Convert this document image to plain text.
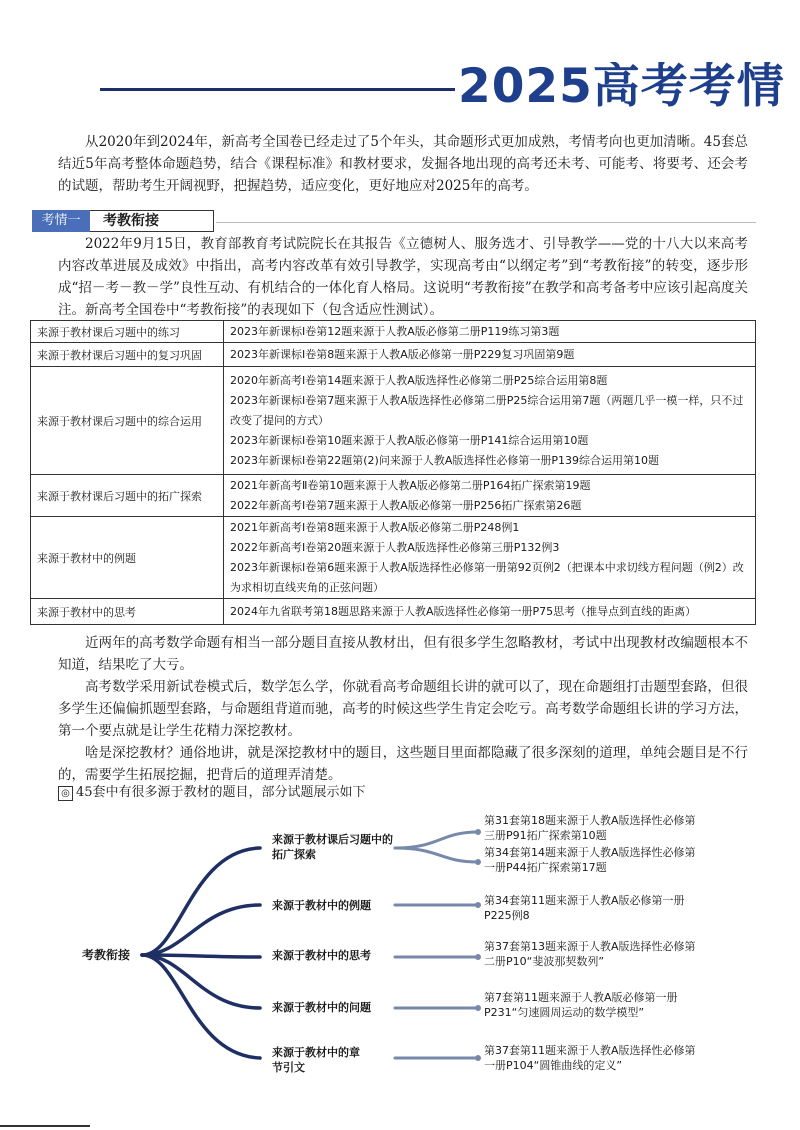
2025高考考情

从2020年到2024年，新高考全国卷已经走过了5个年头，其命题形式更加成熟，考情考向也更加清晰。45套总结近5年高考整体命题趋势，结合《课程标准》和教材要求，发掘各地出现的高考还未考、可能考、将要考、还会考的试题，帮助考生开阔视野，把握趋势，适应变化，更好地应对2025年的高考。

考情一	考教衔接

2022年9月15日，教育部教育考试院院长在其报告《立德树人、服务选才、引导教学——党的十八大以来高考内容改革进展及成效》中指出，高考内容改革有效引导教学，实现高考由“以纲定考”到“考教衔接”的转变，逐步形成“招－考－教－学”良性互动、有机结合的一体化育人格局。这说明“考教衔接”在教学和高考备考中应该引起高度关注。 新高考全国卷中“考教衔接”的表现如下（包含适应性测试）。

来源于教材课后习题中的练习	2023年新课标Ⅰ卷第12题来源于人教A版必修第二册P119练习第3题

来源于教材课后习题中的复习巩固	2023年新课标Ⅰ卷第8题来源于人教A版必修第一册P229复习巩固第9题

来源于教材课后习题中的综合运用	2020年新高考Ⅰ卷第14题来源于人教A版选择性必修第二册P25综合运用第8题
2023年新课标Ⅰ卷第7题来源于人教A版选择性必修第二册P25综合运用第7题（两题几乎一模一样，只不过改变了提问的方式）
2023年新课标Ⅰ卷第10题来源于人教A版必修第一册P141综合运用第10题
2023年新课标Ⅰ卷第22题第(2)问来源于人教A版选择性必修第一册P139综合运用第10题

来源于教材课后习题中的拓广探索	2021年新高考Ⅱ卷第10题来源于人教A版必修第二册P164拓广探索第19题
2022年新高考Ⅰ卷第7题来源于人教A版必修第一册P256拓广探索第26题

来源于教材中的例题	2021年新高考Ⅰ卷第8题来源于人教A版必修第二册P248例1
2022年新高考Ⅰ卷第20题来源于人教A版选择性必修第三册P132例3
2023年新课标Ⅰ卷第6题来源于人教A版选择性必修第一册第92页例2（把课本中求切线方程问题（例2）改为求相切直线夹角的正弦问题）

来源于教材中的思考	2024年九省联考第18题思路来源于人教A版选择性必修第一册P75思考（推导点到直线的距离）

近两年的高考数学命题有相当一部分题目直接从教材出，但有很多学生忽略教材，考试中出现教材改编题根本不知道，结果吃了大亏。

高考数学采用新试卷模式后，数学怎么学，你就看高考命题组长讲的就可以了，现在命题组打击题型套路，但很多学生还偏偏抓题型套路，与命题组背道而驰，高考的时候这些学生肯定会吃亏。高考数学命题组长讲的学习方法，第一个要点就是让学生花精力深挖教材。

啥是深挖教材？通俗地讲，就是深挖教材中的题目，这些题目里面都隐藏了很多深刻的道理，单纯会题目是不行的，需要学生拓展挖掘，把背后的道理弄清楚。

◎ 45套中有很多源于教材的题目，部分试题展示如下
考教衔接
来源于教材课后习题中的拓广探索
来源于教材中的例题
来源于教材中的思考
来源于教材中的问题
来源于教材中的章节引文
第31套第18题来源于人教A版选择性必修第三册P91拓广探索第10题
第34套第14题来源于人教A版选择性必修第一册P44拓广探索第17题
第34套第11题来源于人教A版必修第一册P225例8
第37套第13题来源于人教A版选择性必修第二册P10“斐波那契数列”
第7套第11题来源于人教A版必修第一册P231“匀速圆周运动的数学模型”
第37套第11题来源于人教A版选择性必修第一册P104“圆锥曲线的定义”
